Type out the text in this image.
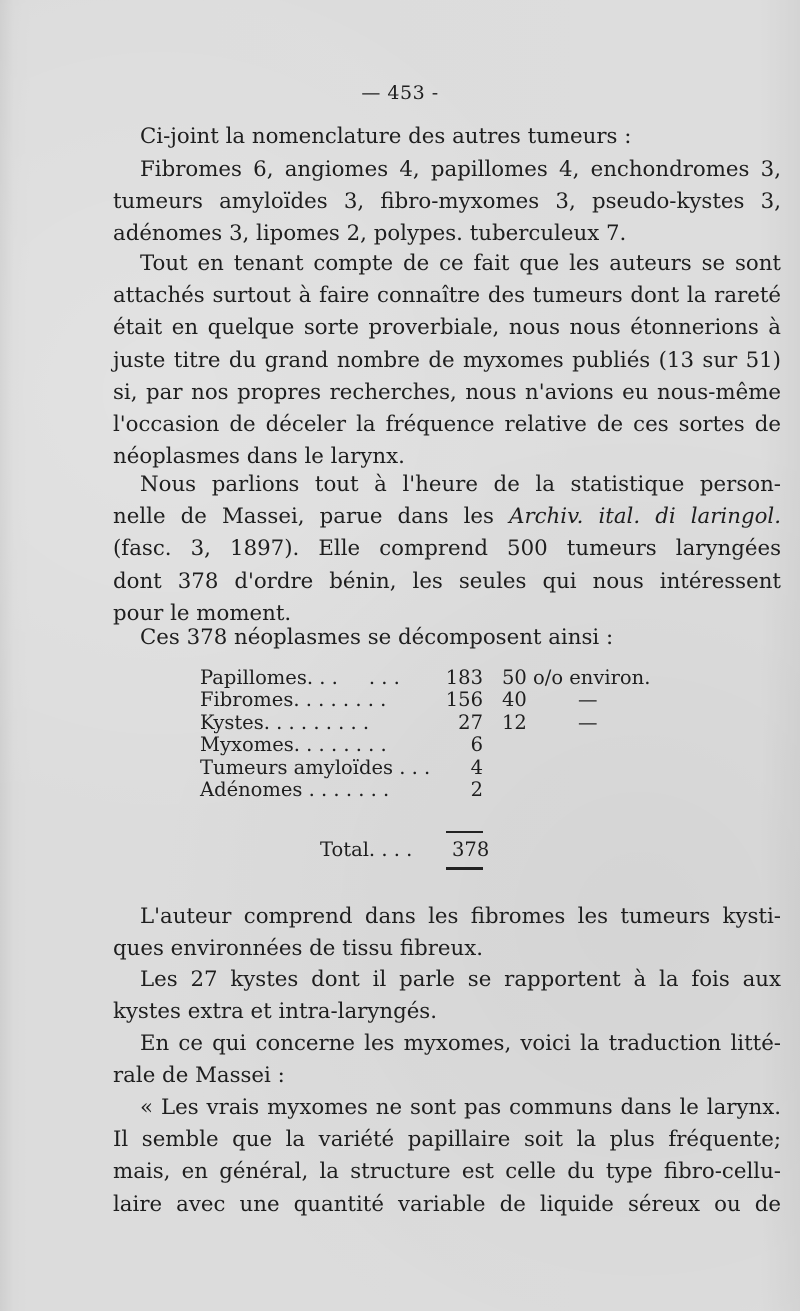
— 453 -
Ci-joint la nomenclature des autres tumeurs :
Fibromes 6, angiomes 4, papillomes 4, enchondromes 3,
tumeurs amyloïdes 3, fibro-myxomes 3, pseudo-kystes 3,
adénomes 3, lipomes 2, polypes. tuberculeux 7.
Tout en tenant compte de ce fait que les auteurs se sont
attachés surtout à faire connaître des tumeurs dont la rareté
était en quelque sorte proverbiale, nous nous étonnerions à
juste titre du grand nombre de myxomes publiés (13 sur 51)
si, par nos propres recherches, nous n'avions eu nous-même
l'occasion de déceler la fréquence relative de ces sortes de
néoplasmes dans le larynx.
Nous parlions tout à l'heure de la statistique person-
nelle de Massei, parue dans les Archiv. ital. di laringol.
(fasc. 3, 1897). Elle comprend 500 tumeurs laryngées
dont 378 d'ordre bénin, les seules qui nous intéressent
pour le moment.
Ces 378 néoplasmes se décomposent ainsi :
Papillomes. . .     . . . 183 50 o/o environ.
Fibromes. . . . . . . .	156 40	—
Kystes. . . . . . . . .	27 12	—
Myxomes. . . . . . . .	6
Tumeurs amyloïdes . . . 4
Adénomes . . . . . . .	2
Total. . . . 378
L'auteur comprend dans les fibromes les tumeurs kysti-
ques environnées de tissu fibreux.
Les 27 kystes dont il parle se rapportent à la fois aux
kystes extra et intra-laryngés.
En ce qui concerne les myxomes, voici la traduction litté-
rale de Massei :
« Les vrais myxomes ne sont pas communs dans le larynx.
Il semble que la variété papillaire soit la plus fréquente;
mais, en général, la structure est celle du type fibro-cellu-
laire avec une quantité variable de liquide séreux ou de
